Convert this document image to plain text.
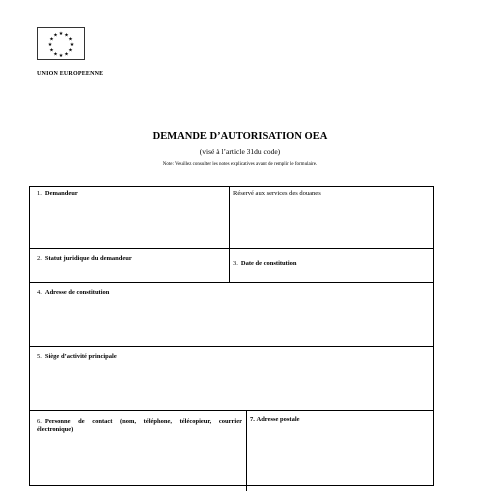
★ ★
★
★
★
★
★
★
★
★
★
★
UNION EUROPEENNE
DEMANDE D’AUTORISATION OEA
(visé à l’article 31du code)
Note: Veuillez consulter les notes explicatives avant de remplir le formulaire.
1. Demandeur	Réservé aux services des douanes
2. Statut juridique du demandeur
3. Date de constitution
4. Adresse de constitution
5. Siège d’activité principale
6. Personne de contact (nom, téléphone, télécopieur, courrier électronique)
7. Adresse postale
